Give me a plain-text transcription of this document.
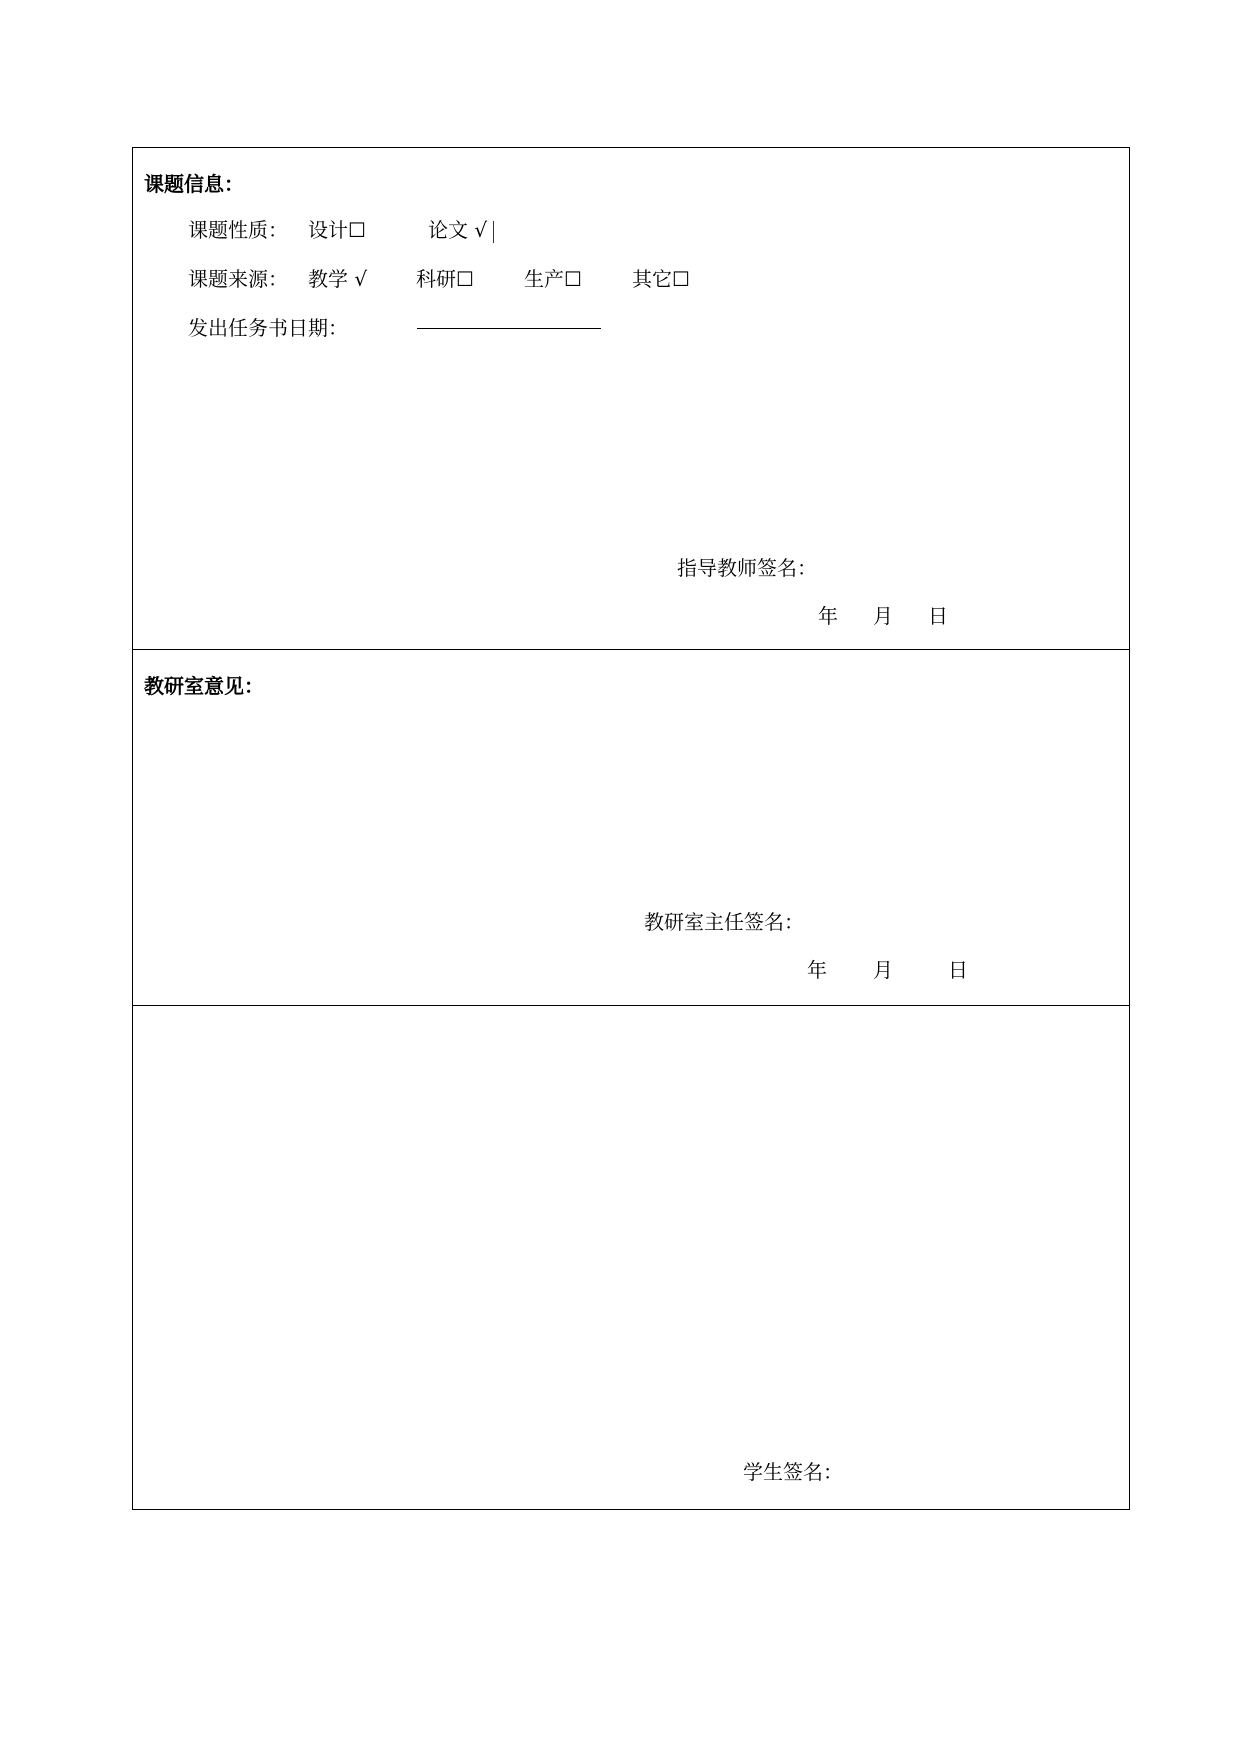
课题信息：
课题性质： 设计☐	论文 √
课题来源： 教学 √ 科研☐	生产☐	其它☐
发出任务书日期：
指导教师签名：
年 月 日
教研室意见：
教研室主任签名：
年 月	日
学生签名：
